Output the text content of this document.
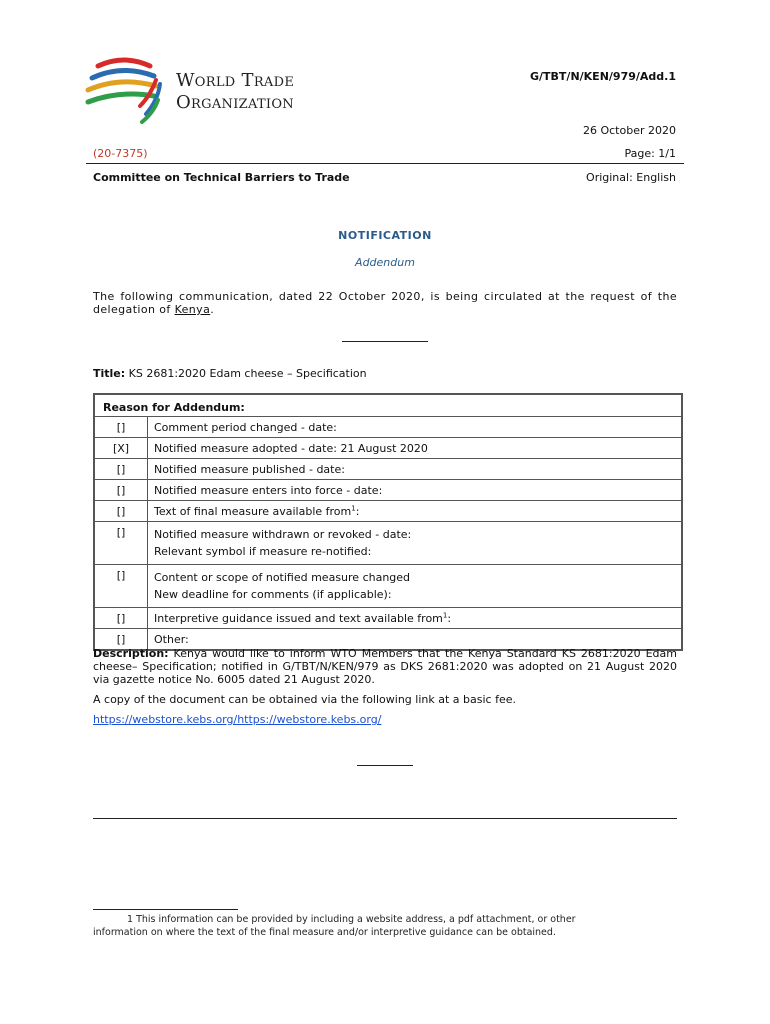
World Trade
Organization
G/TBT/N/KEN/979/Add.1
26 October 2020
(20-7375)	Page: 1/1
Committee on Technical Barriers to Trade	Original: English
NOTIFICATION
Addendum
The following communication, dated 22 October 2020, is being circulated at the request of the delegation of Kenya.
Title: KS 2681:2020 Edam cheese – Specification
Reason for Addendum:
[]	Comment period changed - date:
[X]	Notified measure adopted - date: 21 August 2020
[]	Notified measure published - date:
[]	Notified measure enters into force - date:
[]	Text of final measure available from$^1$:
[]	Notified measure withdrawn or revoked - date:
Relevant symbol if measure re-notified:
[]	Content or scope of notified measure changed
New deadline for comments (if applicable):
[]	Interpretive guidance issued and text available from$^1$:
[]	Other:
Description: Kenya would like to inform WTO Members that the Kenya Standard KS 2681:2020 Edam cheese– Specification; notified in G/TBT/N/KEN/979 as DKS 2681:2020 was adopted on 21 August 2020 via gazette notice No. 6005 dated 21 August 2020.
A copy of the document can be obtained via the following link at a basic fee.
https://webstore.kebs.org/https://webstore.kebs.org/
1 This information can be provided by including a website address, a pdf attachment, or other
information on where the text of the final measure and/or interpretive guidance can be obtained.
